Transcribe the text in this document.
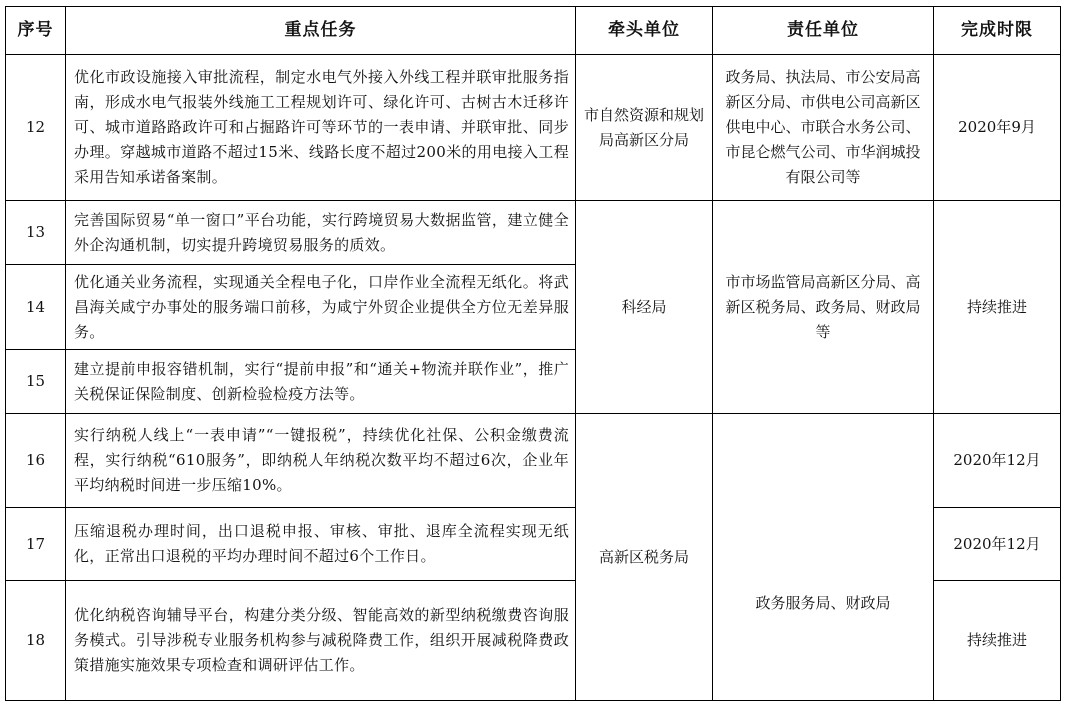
序号	重点任务	牵头单位	责任单位	完成时限
12	优化市政设施接入审批流程，制定水电气外接入外线工程并联审批服务指南，形成水电气报装外线施工工程规划许可、绿化许可、古树古木迁移许可、城市道路路政许可和占掘路许可等环节的一表申请、并联审批、同步办理。穿越城市道路不超过15米、线路长度不超过200米的用电接入工程采用告知承诺备案制。	市自然资源和规划局高新区分局	政务局、执法局、市公安局高新区分局、市供电公司高新区供电中心、市联合水务公司、市昆仑燃气公司、市华润城投有限公司等	2020年9月
13	完善国际贸易“单一窗口”平台功能，实行跨境贸易大数据监管，建立健全外企沟通机制，切实提升跨境贸易服务的质效。	科经局	市市场监管局高新区分局、高新区税务局、政务局、财政局等	持续推进
14	优化通关业务流程，实现通关全程电子化，口岸作业全流程无纸化。将武昌海关咸宁办事处的服务端口前移，为咸宁外贸企业提供全方位无差异服务。			
15	建立提前申报容错机制，实行“提前申报”和“通关+物流并联作业”，推广关税保证保险制度、创新检验检疫方法等。			
16	实行纳税人线上“一表申请”“一键报税”，持续优化社保、公积金缴费流程，实行纳税“610服务”，即纳税人年纳税次数平均不超过6次，企业年平均纳税时间进一步压缩10%。	高新区税务局		2020年12月
17	压缩退税办理时间，出口退税申报、审核、审批、退库全流程实现无纸化，正常出口退税的平均办理时间不超过6个工作日。		政务服务局、财政局	2020年12月
18	优化纳税咨询辅导平台，构建分类分级、智能高效的新型纳税缴费咨询服务模式。引导涉税专业服务机构参与减税降费工作，组织开展减税降费政策措施实施效果专项检查和调研评估工作。			持续推进
